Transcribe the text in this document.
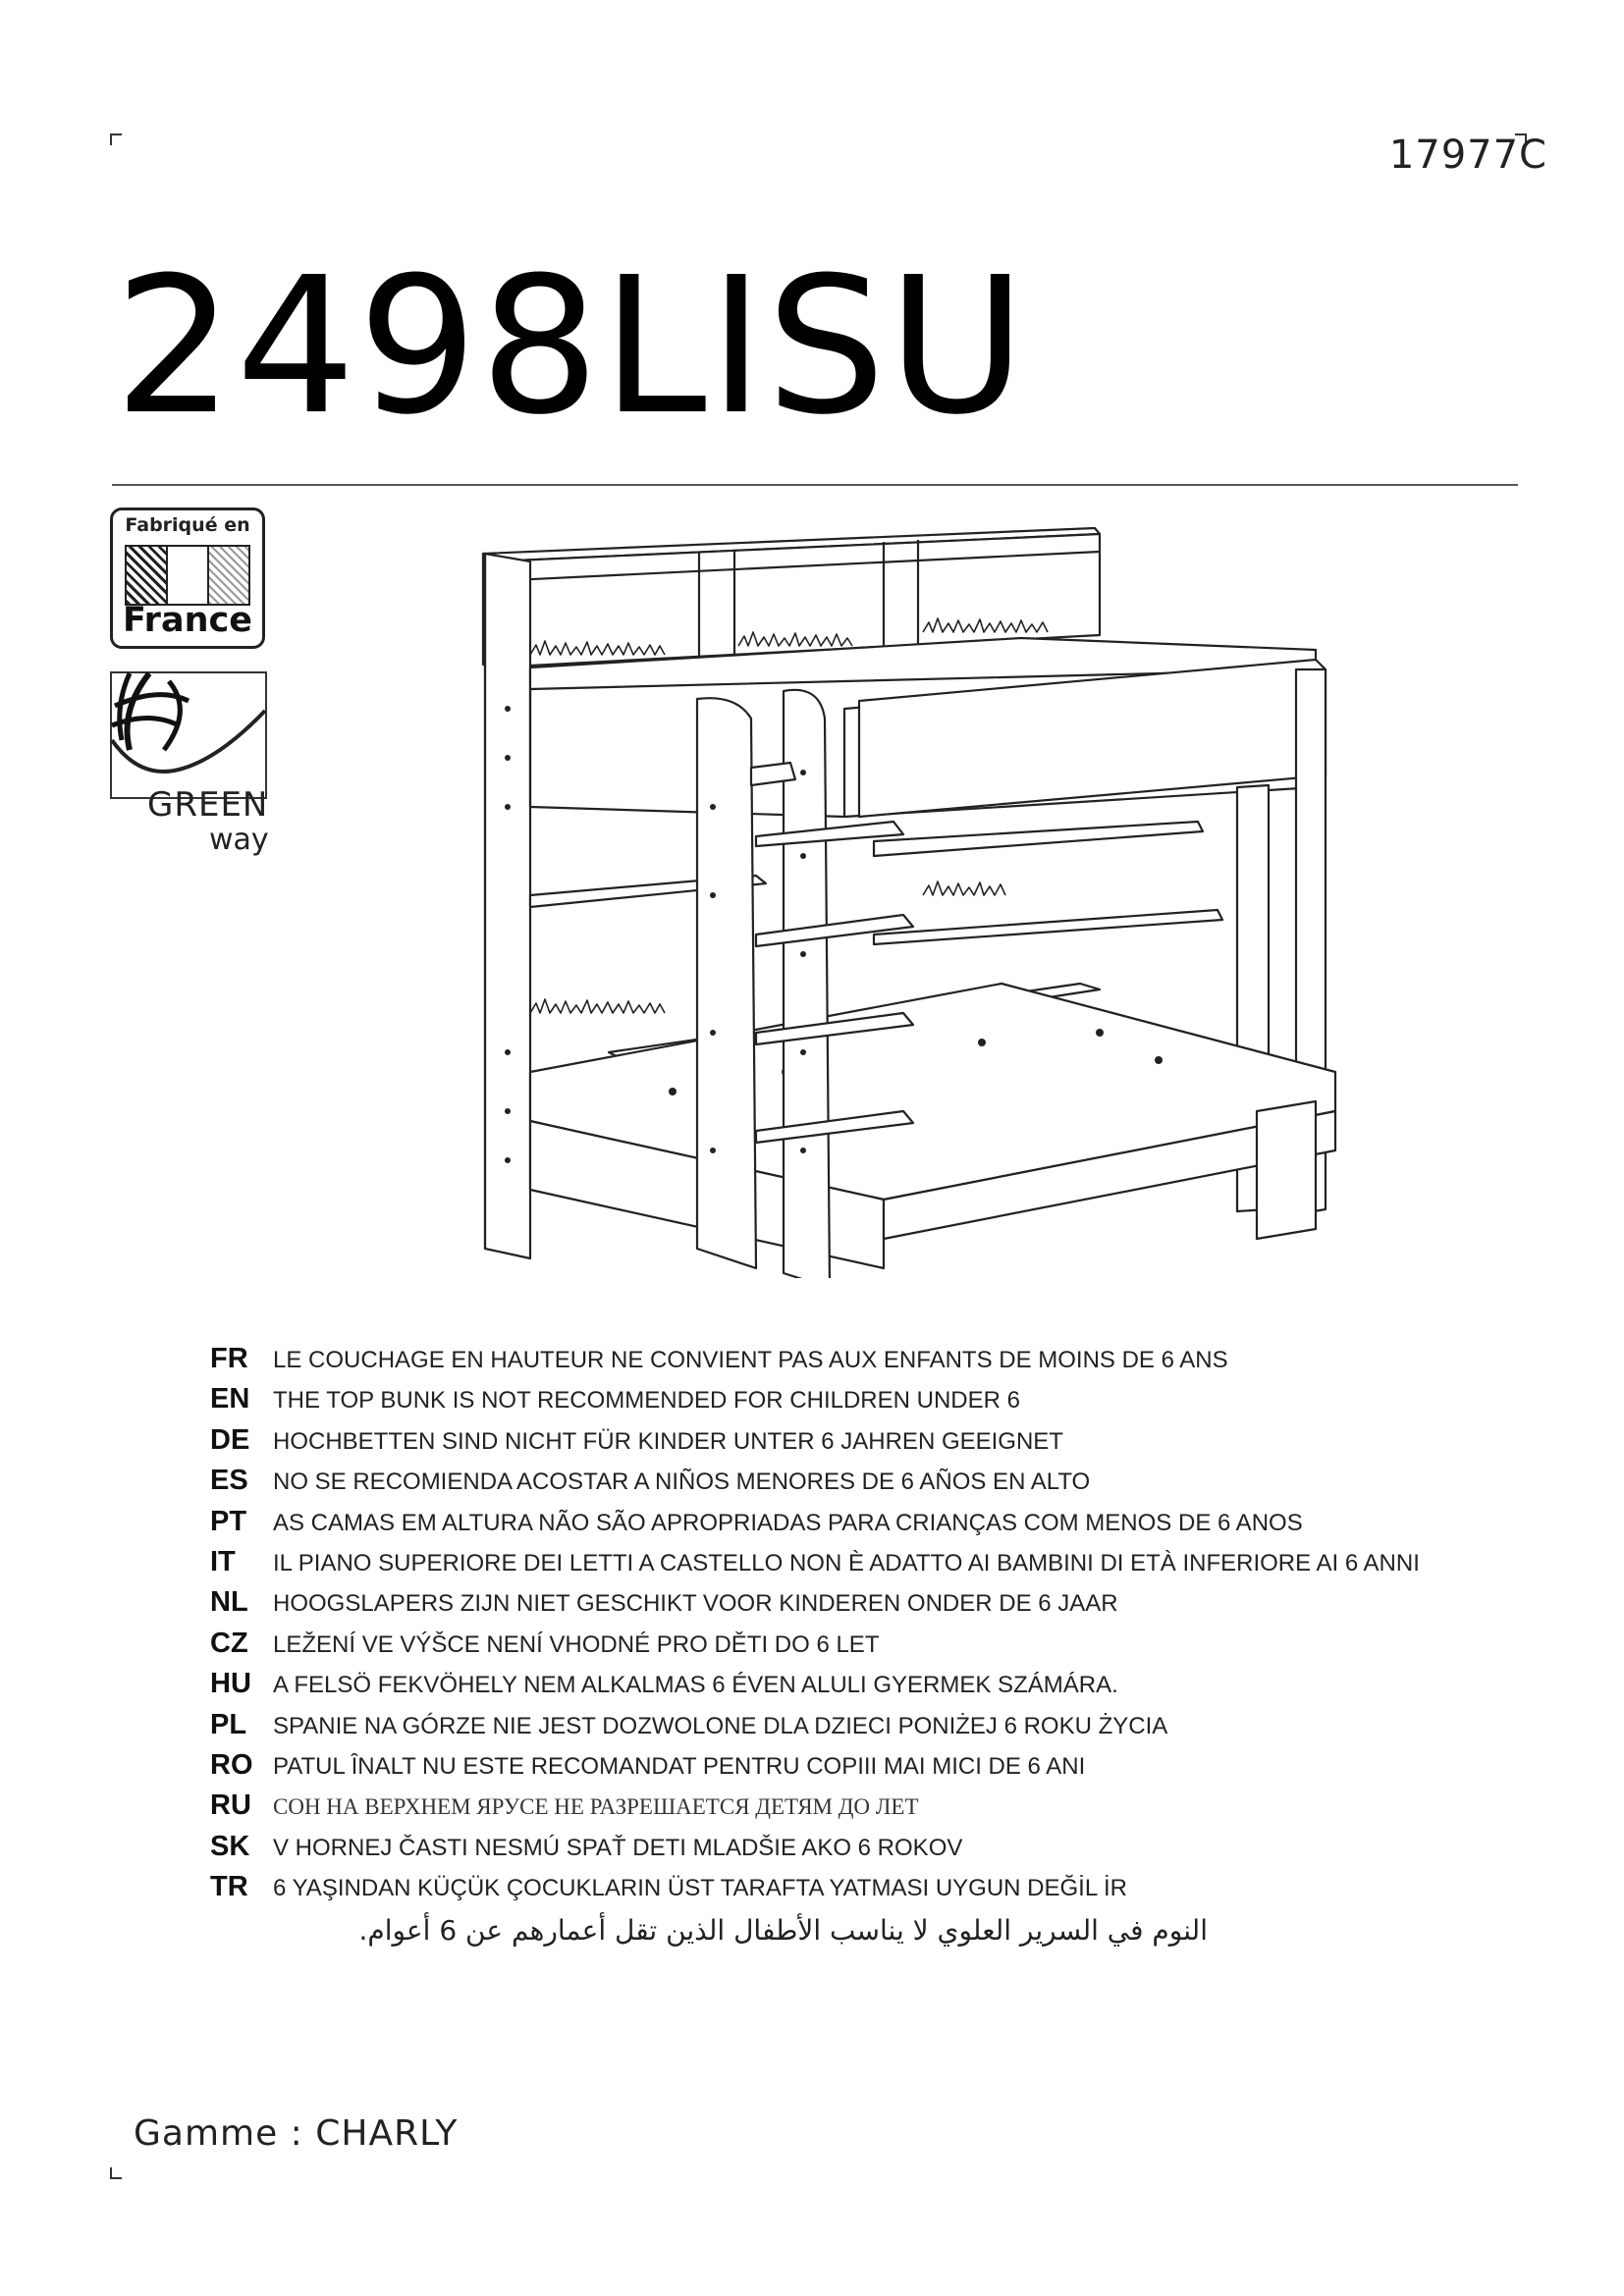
17977C
2498LISU
Fabriqué en
France
GREEN
way
FR	LE COUCHAGE EN HAUTEUR NE CONVIENT PAS AUX ENFANTS DE MOINS DE 6 ANS
EN THE TOP BUNK IS NOT RECOMMENDED FOR CHILDREN UNDER 6
DE HOCHBETTEN SIND NICHT FÜR KINDER UNTER 6 JAHREN GEEIGNET
ES	NO SE RECOMIENDA ACOSTAR A NIÑOS MENORES DE 6 AÑOS EN ALTO
PT	AS CAMAS EM ALTURA NÃO SÃO APROPRIADAS PARA CRIANÇAS COM MENOS DE 6 ANOS
IT	IL PIANO SUPERIORE DEI LETTI A CASTELLO NON È ADATTO AI BAMBINI DI ETÀ INFERIORE AI 6 ANNI
NL	HOOGSLAPERS ZIJN NIET GESCHIKT VOOR KINDEREN ONDER DE 6 JAAR
CZ	LEŽENÍ VE VÝŠCE NENÍ VHODNÉ PRO DĚTI DO 6 LET
HU A FELSÖ FEKVÖHELY NEM ALKALMAS 6 ÉVEN ALULI GYERMEK SZÁMÁRA.
PL	SPANIE NA GÓRZE NIE JEST DOZWOLONE DLA DZIECI PONIŻEJ 6 ROKU ŻYCIA
RO PATUL ÎNALT NU ESTE RECOMANDAT PENTRU COPIII MAI MICI DE 6 ANI
RU СОН НА ВЕРХНЕМ ЯРУСЕ НЕ РАЗРЕШАЕТСЯ ДЕТЯМ ДО ЛЕТ
SK V HORNEJ ČASTI NESMÚ SPAŤ DETI MLADŠIE AKO 6 ROKOV
TR	6 YAŞINDAN KÜÇÜK ÇOCUKLARIN ÜST TARAFTA YATMASI UYGUN DEĞİL İR
النوم في السرير العلوي لا يناسب الأطفال الذين تقل أعمارهم عن 6 أعوام.
Gamme : CHARLY
